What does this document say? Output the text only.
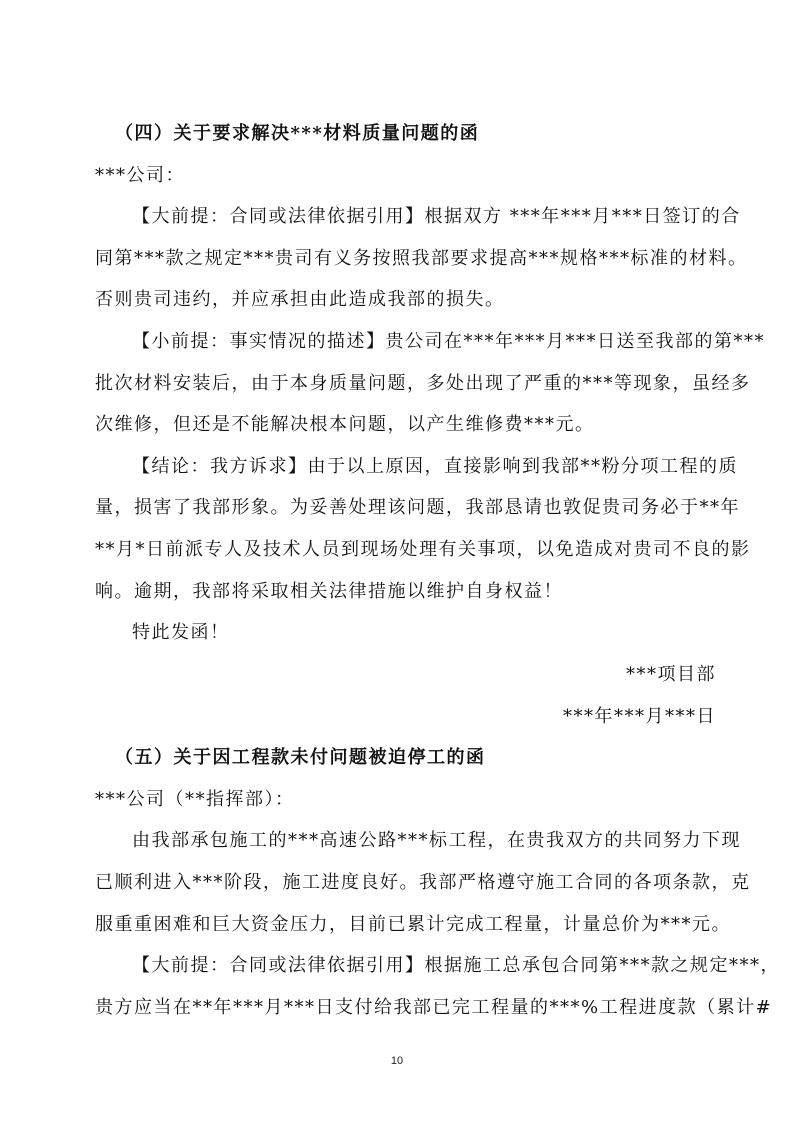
（四）关于要求解决***材料质量问题的函
***公司：
【大前提：合同或法律依据引用】根据双方 ***年***月***日签订的合
同第***款之规定***贵司有义务按照我部要求提高***规格***标准的材料。
否则贵司违约，并应承担由此造成我部的损失。
【小前提：事实情况的描述】贵公司在***年***月***日送至我部的第***
批次材料安装后，由于本身质量问题，多处出现了严重的***等现象，虽经多
次维修，但还是不能解决根本问题，以产生维修费***元。
【结论：我方诉求】由于以上原因，直接影响到我部**粉分项工程的质
量，损害了我部形象。为妥善处理该问题，我部恳请也敦促贵司务必于**年
**月*日前派专人及技术人员到现场处理有关事项，以免造成对贵司不良的影
响。逾期，我部将采取相关法律措施以维护自身权益！
特此发函！
***项目部
***年***月***日
（五）关于因工程款未付问题被迫停工的函
***公司（**指挥部）：
由我部承包施工的***高速公路***标工程，在贵我双方的共同努力下现
已顺利进入***阶段，施工进度良好。我部严格遵守施工合同的各项条款，克
服重重困难和巨大资金压力，目前已累计完成工程量，计量总价为***元。
【大前提：合同或法律依据引用】根据施工总承包合同第***款之规定***，
贵方应当在**年***月***日支付给我部已完工程量的***%工程进度款（累计#
10
